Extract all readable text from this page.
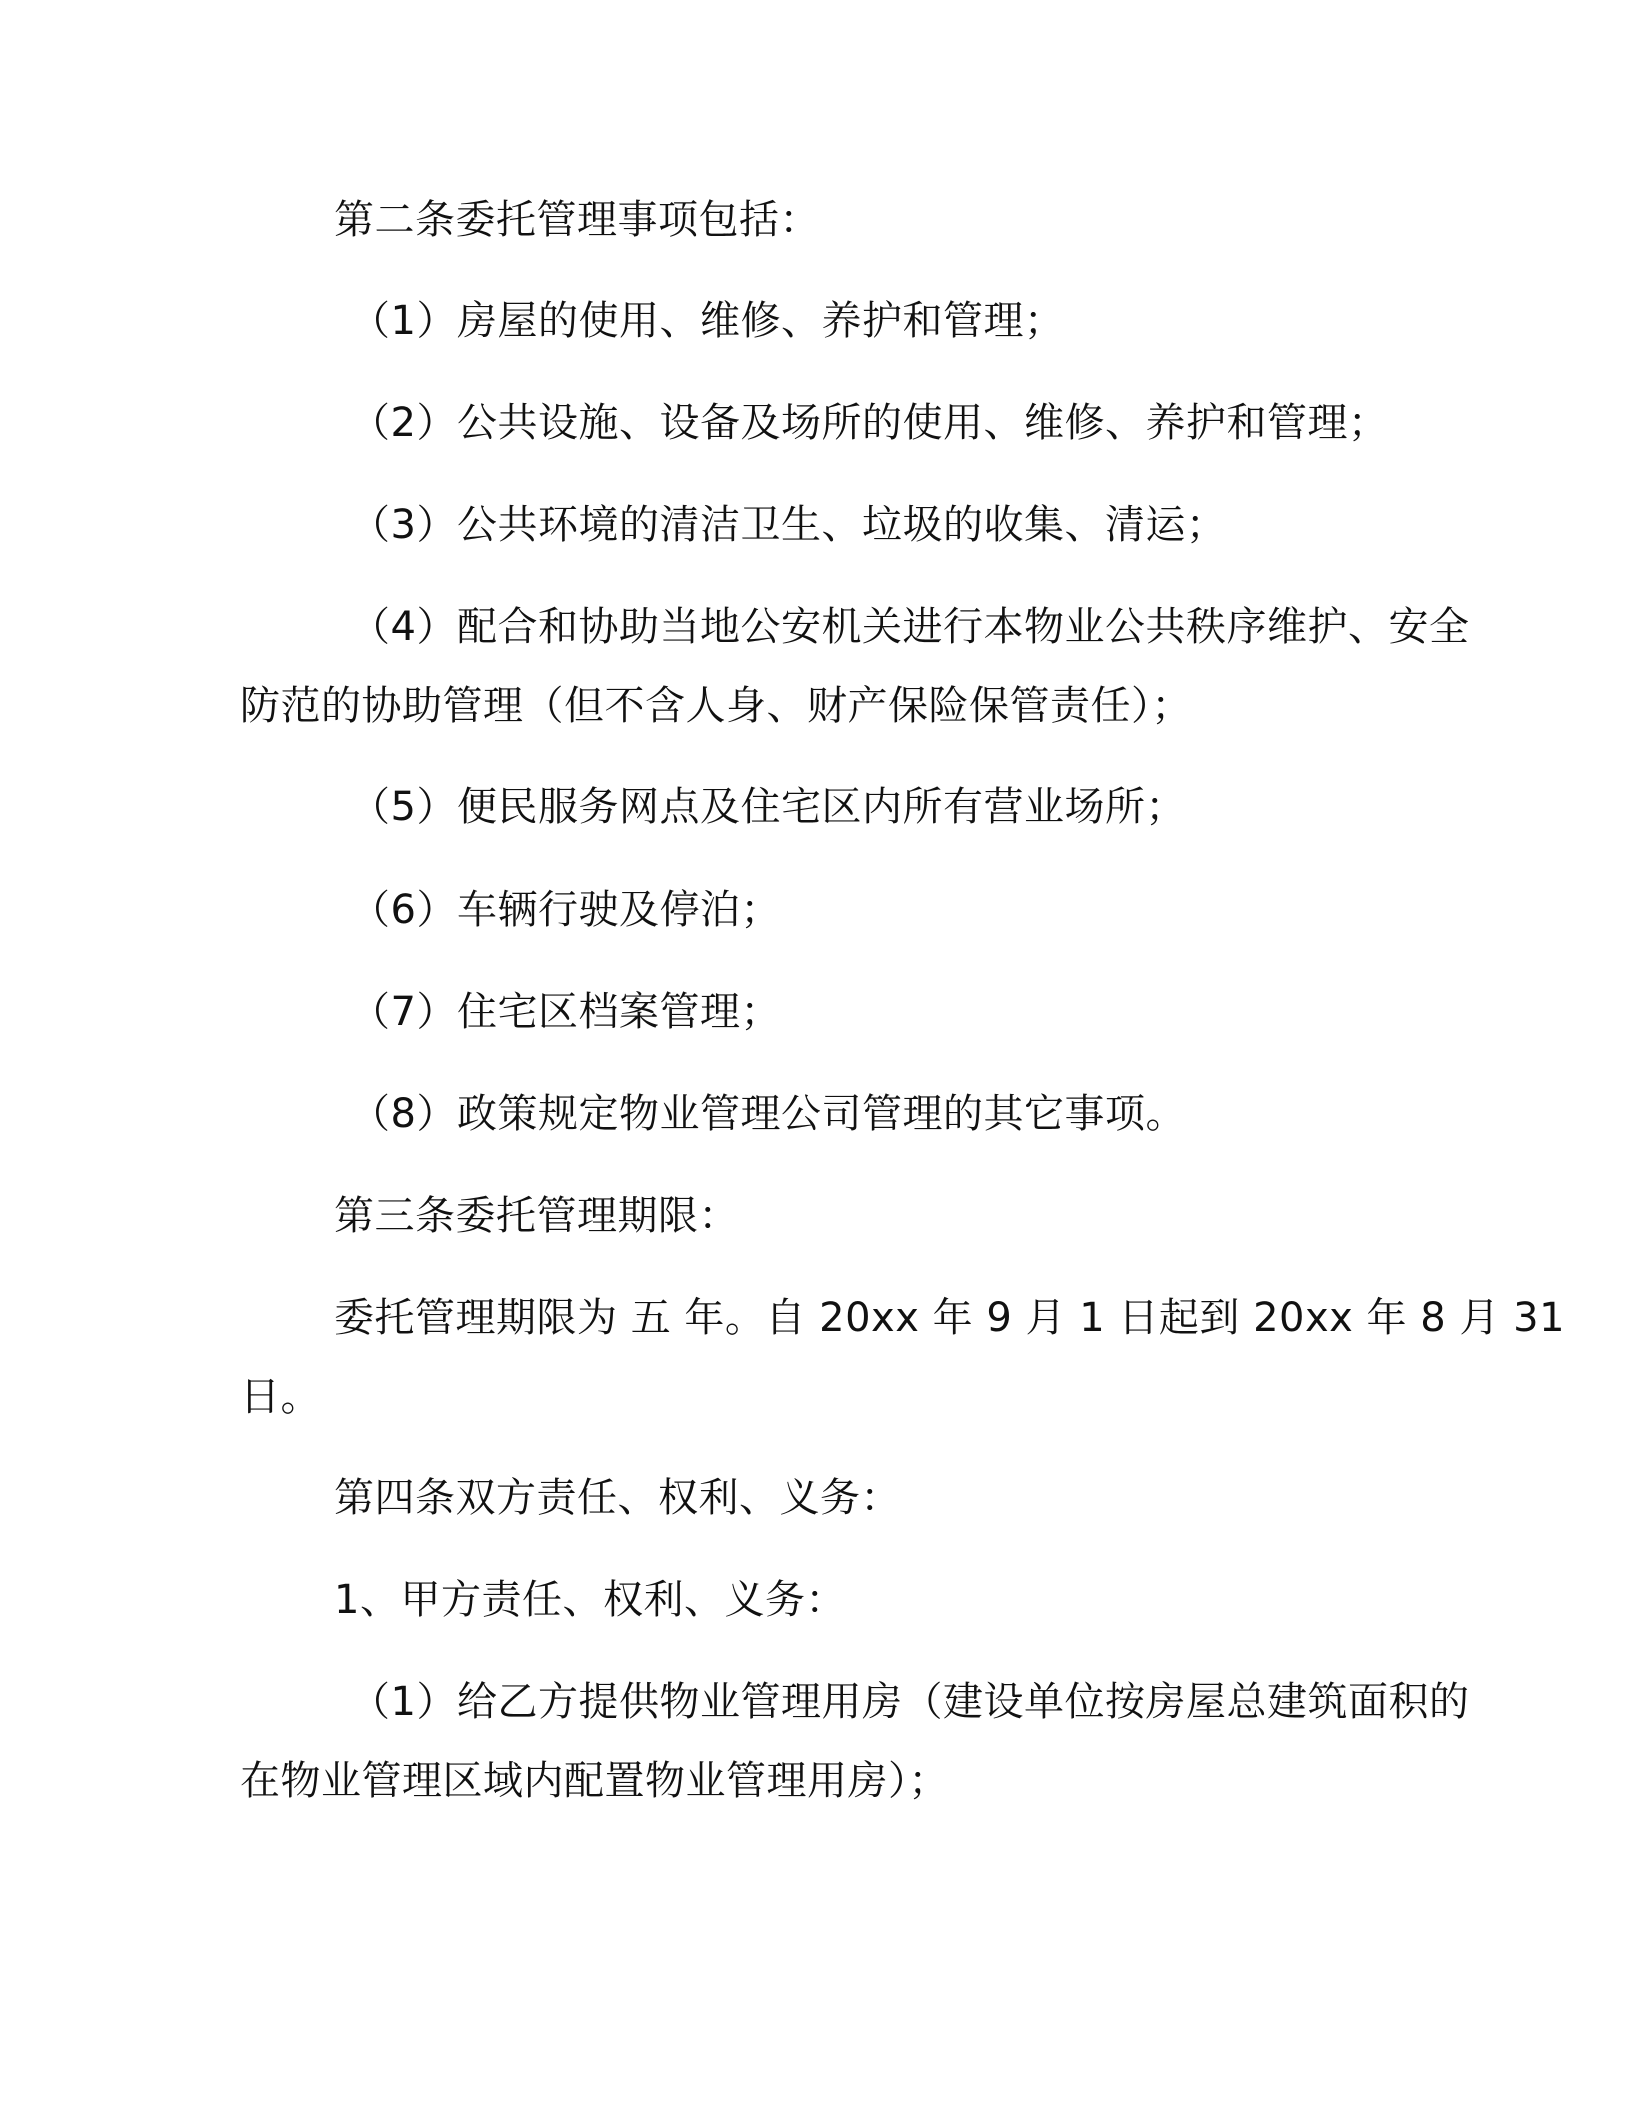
第二条委托管理事项包括：
（1）房屋的使用、维修、养护和管理；
（2）公共设施、设备及场所的使用、维修、养护和管理；
（3）公共环境的清洁卫生、垃圾的收集、清运；
（4）配合和协助当地公安机关进行本物业公共秩序维护、安全
防范的协助管理（但不含人身、财产保险保管责任）；
（5）便民服务网点及住宅区内所有营业场所；
（6）车辆行驶及停泊；
（7）住宅区档案管理；
（8）政策规定物业管理公司管理的其它事项。
第三条委托管理期限：
委托管理期限为 五 年。自 20xx 年 9 月 1 日起到 20xx 年 8 月 31
日。
第四条双方责任、权利、义务：
1、甲方责任、权利、义务：
（1）给乙方提供物业管理用房（建设单位按房屋总建筑面积的
在物业管理区域内配置物业管理用房）；
